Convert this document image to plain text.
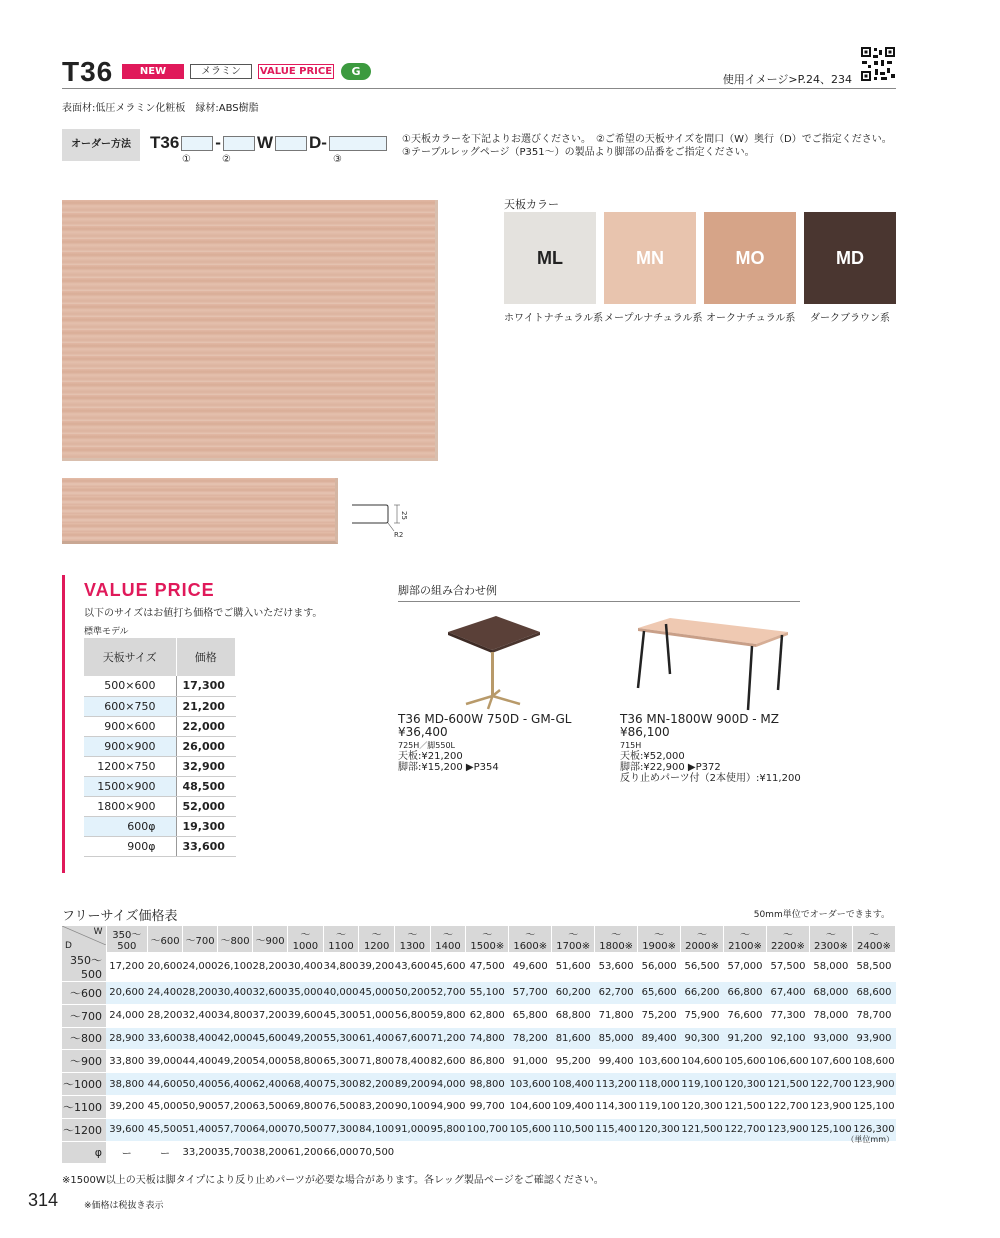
T36	NEW	メラミン	VALUE PRICE	G
使用イメージ>P.24、234
表面材:低圧メラミン化粧板　縁材:ABS樹脂
オーダー方法	T36 - W D -
①	②	③
①天板カラーを下記よりお選びください。　②ご希望の天板サイズを間口（W）奥行（D）でご指定ください。
③テーブルレッグページ（P351〜）の製品より脚部の品番をご指定ください。
25
R2
天板カラー
ML	MN	MO	MD
ホワイトナチュラル系 メープルナチュラル系 オークナチュラル系	ダークブラウン系
VALUE PRICE
以下のサイズはお値打ち価格でご購入いただけます。
標準モデル
天板サイズ	価格
500×600	17,300
600×750	21,200
900×600	22,000
900×900	26,000
1200×750	32,900
1500×900	48,500
1800×900	52,000
600φ	19,300
900φ	33,600
脚部の組み合わせ例
T36 MD-600W 750D - GM-GL
¥36,400
725H／脚550L
天板:¥21,200
脚部:¥15,200 ▶P354
T36 MN-1800W 900D - MZ
¥86,100
715H
天板:¥52,000
脚部:¥22,900 ▶P372
反り止めパーツ付（2本使用）:¥11,200
フリーサイズ価格表	50mm単位でオーダーできます。
W
D	350〜500	〜600	〜700	〜800	〜900	〜1000	〜1100	〜1200	〜1300	〜1400	〜1500※	〜1600※	〜1700※	〜1800※	〜1900※	〜2000※	〜2100※	〜2200※	〜2300※	〜2400※
350〜500	17,200	20,600	24,000	26,100	28,200	30,400	34,800	39,200	43,600	45,600	47,500	49,600	51,600	53,600	56,000	56,500	57,000	57,500	58,000	58,500
〜600	20,600	24,400	28,200	30,400	32,600	35,000	40,000	45,000	50,200	52,700	55,100	57,700	60,200	62,700	65,600	66,200	66,800	67,400	68,000	68,600
〜700	24,000	28,200	32,400	34,800	37,200	39,600	45,300	51,000	56,800	59,800	62,800	65,800	68,800	71,800	75,200	75,900	76,600	77,300	78,000	78,700
〜800	28,900	33,600	38,400	42,000	45,600	49,200	55,300	61,400	67,600	71,200	74,800	78,200	81,600	85,000	89,400	90,300	91,200	92,100	93,000	93,900
〜900	33,800	39,000	44,400	49,200	54,000	58,800	65,300	71,800	78,400	82,600	86,800	91,000	95,200	99,400	103,600	104,600	105,600	106,600	107,600	108,600
〜1000	38,800	44,600	50,400	56,400	62,400	68,400	75,300	82,200	89,200	94,000	98,800	103,600	108,400	113,200	118,000	119,100	120,300	121,500	122,700	123,900
〜1100	39,200	45,000	50,900	57,200	63,500	69,800	76,500	83,200	90,100	94,900	99,700	104,600	109,400	114,300	119,100	120,300	121,500	122,700	123,900	125,100
〜1200	39,600	45,500	51,400	57,700	64,000	70,500	77,300	84,100	91,000	95,800	100,700	105,600	110,500	115,400	120,300	121,500	122,700	123,900	125,100	126,300
φ	ー	ー	33,200	35,700	38,200	61,200	66,000	70,500												
（単位mm）
※1500W以上の天板は脚タイプにより反り止めパーツが必要な場合があります。各レッグ製品ページをご確認ください。
314	※価格は税抜き表示
